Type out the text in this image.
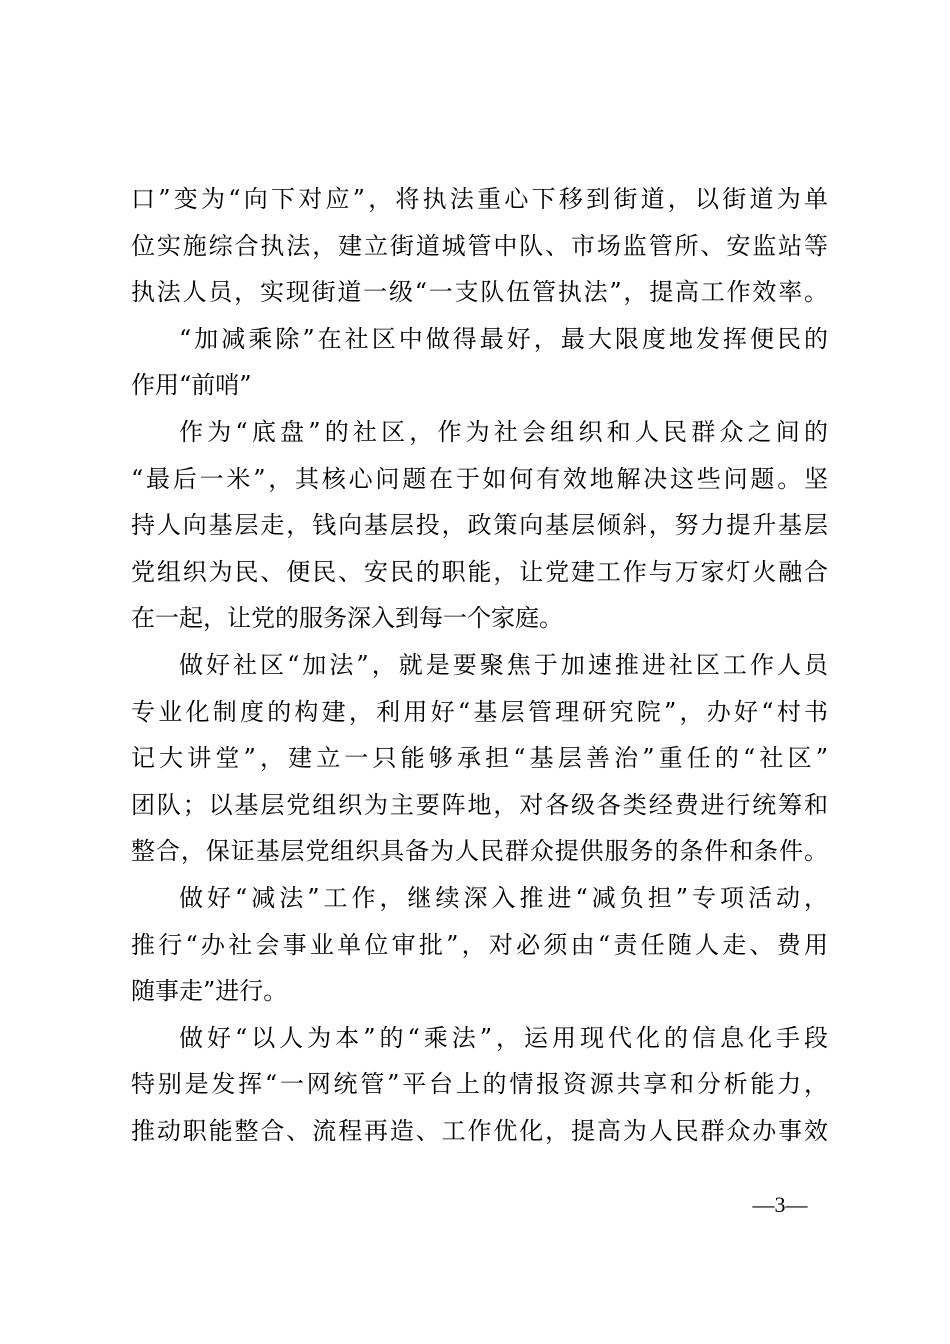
口”变为“向下对应”，将执法重心下移到街道，以街道为单
位实施综合执法，建立街道城管中队、市场监管所、安监站等
执法人员，实现街道一级“一支队伍管执法”，提高工作效率。
“加减乘除”在社区中做得最好，最大限度地发挥便民的
作用“前哨”
作为“底盘”的社区，作为社会组织和人民群众之间的
“最后一米”，其核心问题在于如何有效地解决这些问题。坚
持人向基层走，钱向基层投，政策向基层倾斜，努力提升基层
党组织为民、便民、安民的职能，让党建工作与万家灯火融合
在一起，让党的服务深入到每一个家庭。
做好社区“加法”，就是要聚焦于加速推进社区工作人员
专业化制度的构建，利用好“基层管理研究院”，办好“村书
记大讲堂”，建立一只能够承担“基层善治”重任的“社区”
团队；以基层党组织为主要阵地，对各级各类经费进行统筹和
整合，保证基层党组织具备为人民群众提供服务的条件和条件。
做好“减法”工作，继续深入推进“减负担”专项活动，
推行“办社会事业单位审批”，对必须由“责任随人走、费用
随事走”进行。
做好“以人为本”的“乘法”，运用现代化的信息化手段
特别是发挥“一网统管”平台上的情报资源共享和分析能力，
推动职能整合、流程再造、工作优化，提高为人民群众办事效
—3—
